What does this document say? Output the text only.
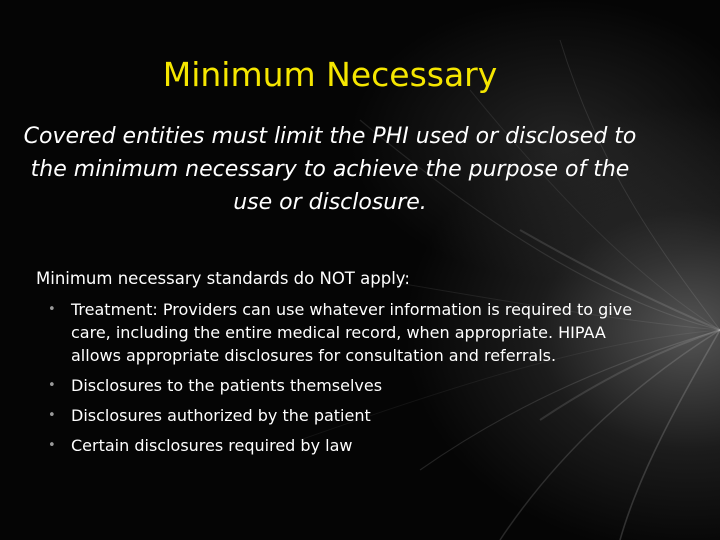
Minimum Necessary
Covered entities must limit the PHI used or disclosed to the minimum necessary to achieve the purpose of the use or disclosure.
Minimum necessary standards do NOT apply:
• Treatment: Providers can use whatever information is required to give care, including the entire medical record, when appropriate. HIPAA allows appropriate disclosures for consultation and referrals.
• Disclosures to the patients themselves
• Disclosures authorized by the patient
• Certain disclosures required by law
